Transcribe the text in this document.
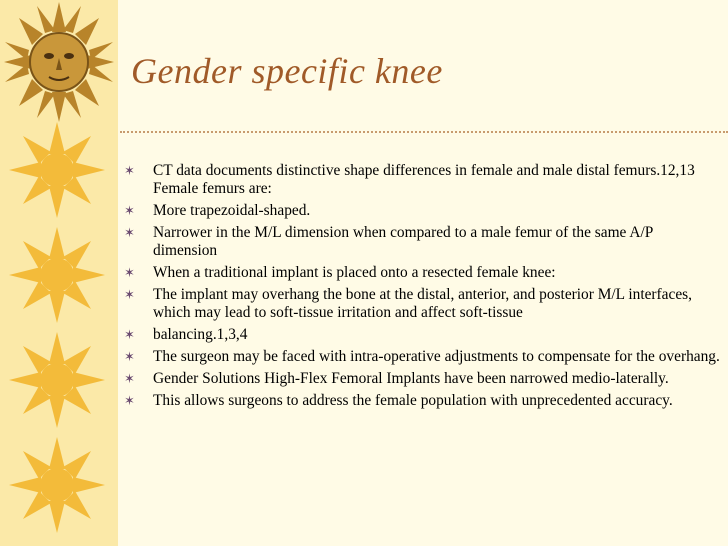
Gender specific knee
✶ CT data documents distinctive shape differences in female and male distal femurs.12,13 Female femurs are:
✶ More trapezoidal-shaped.
✶ Narrower in the M/L dimension when compared to a male femur of the same A/P dimension
✶ When a traditional implant is placed onto a resected female knee:
✶ The implant may overhang the bone at the distal, anterior, and posterior M/L interfaces, which may lead to soft-tissue irritation and affect soft-tissue
✶ balancing.1,3,4
✶ The surgeon may be faced with intra-operative adjustments to compensate for the overhang.
✶ Gender Solutions High-Flex Femoral Implants have been narrowed medio-laterally.
✶ This allows surgeons to address the female population with unprecedented accuracy.
